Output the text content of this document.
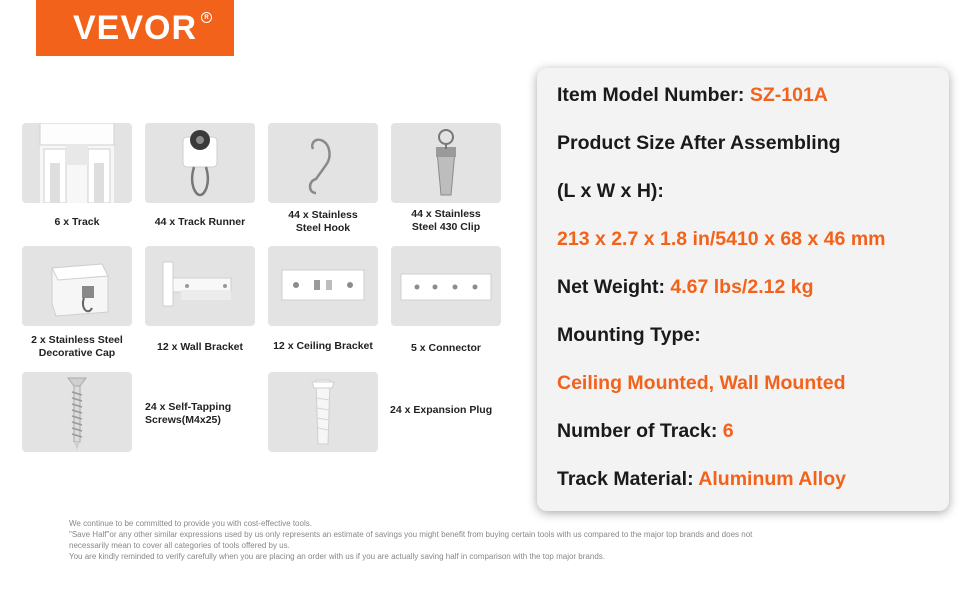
VEVOR	R
6 x Track	44 x Track Runner
44 x Stainless
Steel Hook
44 x Stainless
Steel 430 Clip
2 x Stainless Steel
Decorative Cap	12 x Wall Bracket	12 x Ceiling Bracket	5 x Connector
24 x Self-Tapping
Screws(M4x25)
24 x Expansion Plug
Item Model Number: SZ-101A
Product Size After Assembling
(L x W x H):
213 x 2.7 x 1.8 in/5410 x 68 x 46 mm
Net Weight: 4.67 lbs/2.12 kg
Mounting Type:
Ceiling Mounted, Wall Mounted
Number of Track: 6
Track Material: Aluminum Alloy
We continue to be committed to provide you with cost-effective tools.
"Save Half"or any other similar expressions used by us only represents an estimate of savings you might benefit from buying certain tools with us compared to the major top brands and does not
necessarily mean to cover all categories of tools offered by us.
You are kindly reminded to verify carefully when you are placing an order with us if you are actually saving half in comparison with the top major brands.
